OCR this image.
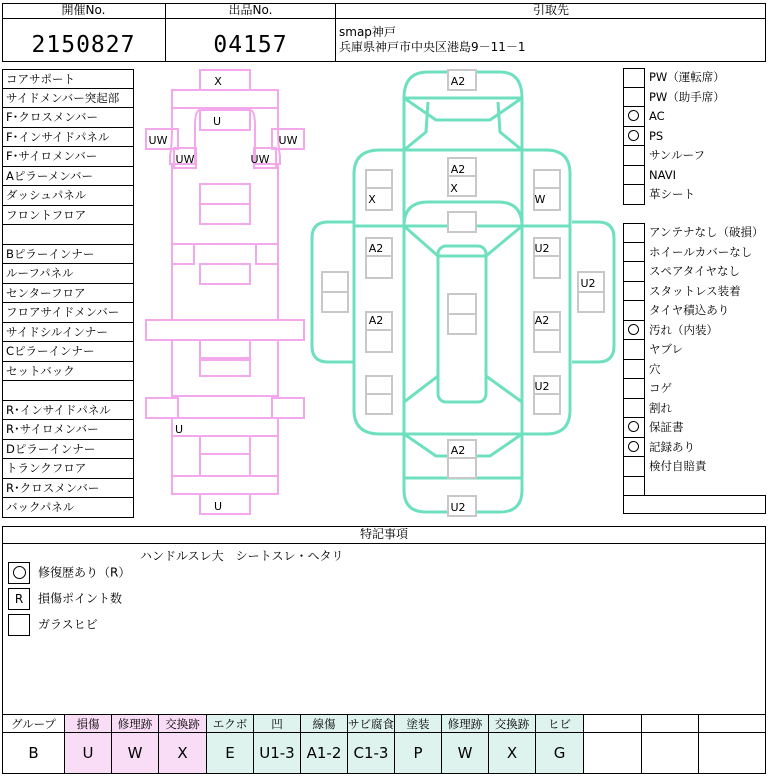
開催No.
2150827
出品No.
04157
引取先
smap神戸
兵庫県神戸市中央区港島9－11－1
コアサポート
サイドメンバー突起部
F･クロスメンバー
F･インサイドパネル
F･サイロメンバー
Aピラーメンバー
ダッシュパネル
フロントフロア
Bピラーインナー
ルーフパネル
センターフロア
フロアサイドメンバー
サイドシルインナー
Cピラーインナー
セットバック
R･インサイドパネル
R･サイロメンバー
Dピラーインナー
トランクフロア
R･クロスメンバー
バックパネル
X
U
UW	UW
UW	UW
U
U
A2
A2
X
X	W
A2	U2
U2
A2	A2
U2
A2
U2
PW（運転席）
PW（助手席）
AC
PS
サンルーフ
NAVI
革シート
アンテナなし（破損）
ホイールカバーなし
スペアタイヤなし
スタットレス装着
タイヤ積込あり
汚れ（内装）
ヤブレ
穴
コゲ
割れ
保証書
記録あり
検付自賠責
特記事項
ハンドルスレ大　シートスレ・ヘタリ
修復歴あり（R）
R 損傷ポイント数
ガラスヒビ
グループ	損傷	修理跡	交換跡	エクボ	凹	線傷	サビ腐食	塗装	修理跡	交換跡	ヒビ			
B	U	W	X	E	U1-3	A1-2	C1-3	P	W	X	G			
